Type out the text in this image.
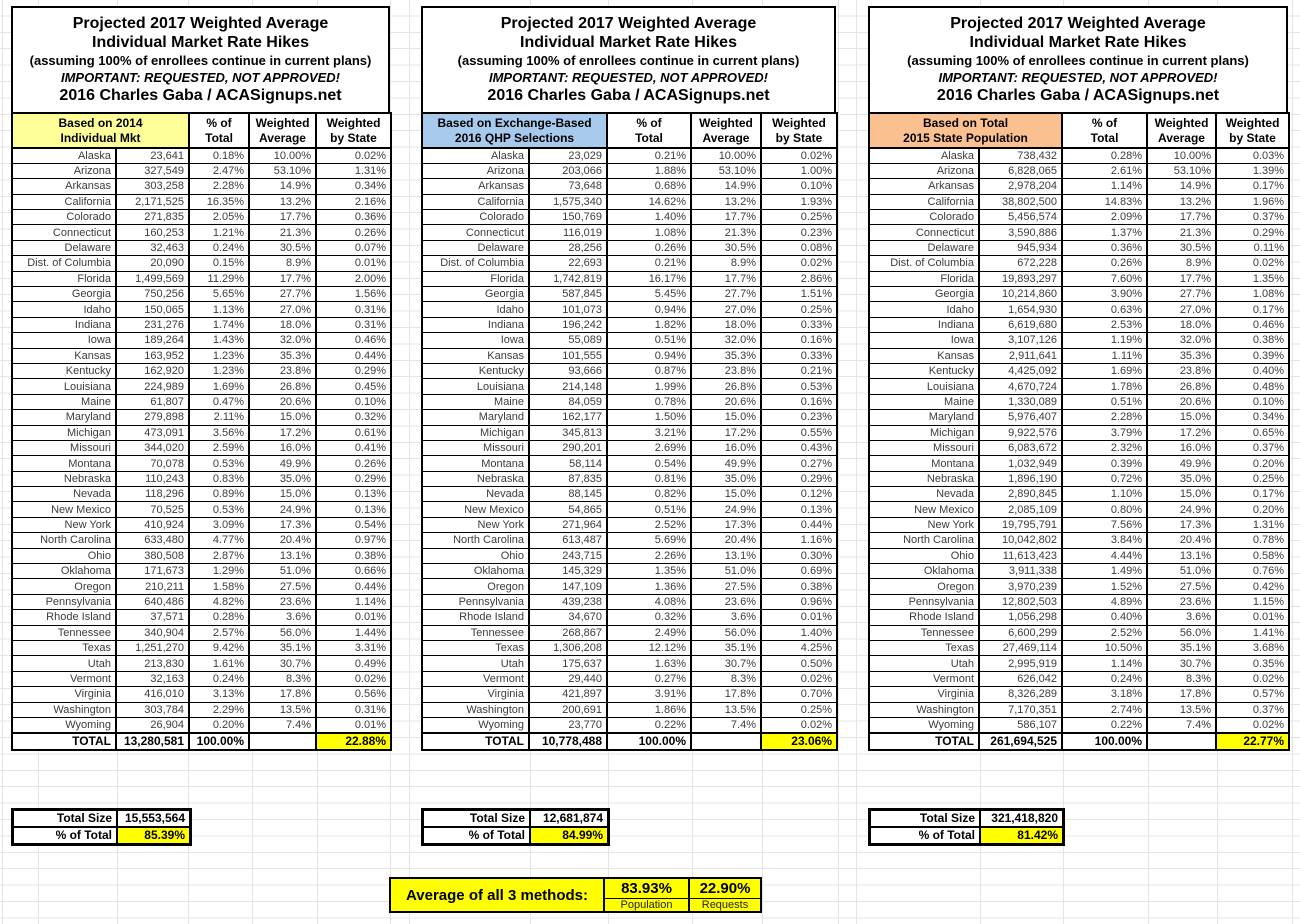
Projected 2017 Weighted Average
Individual Market Rate Hikes
(assuming 100% of enrollees continue in current plans)
IMPORTANT: REQUESTED, NOT APPROVED!
2016 Charles Gaba / ACASignups.net
Based on 2014
Individual Mkt

% of
Total

Weighted
Average

Weighted
by State

Alaska	23,641	0.18%	10.00%	0.02%
Arizona	327,549	2.47%	53.10%	1.31%
Arkansas	303,258	2.28%	14.9%	0.34%
California	2,171,525	16.35%	13.2%	2.16%
Colorado	271,835	2.05%	17.7%	0.36%
Connecticut	160,253	1.21%	21.3%	0.26%
Delaware	32,463	0.24%	30.5%	0.07%
Dist. of Columbia	20,090	0.15%	8.9%	0.01%
Florida	1,499,569	11.29%	17.7%	2.00%
Georgia	750,256	5.65%	27.7%	1.56%
Idaho	150,065	1.13%	27.0%	0.31%
Indiana	231,276	1.74%	18.0%	0.31%
Iowa	189,264	1.43%	32.0%	0.46%
Kansas	163,952	1.23%	35.3%	0.44%
Kentucky	162,920	1.23%	23.8%	0.29%
Louisiana	224,989	1.69%	26.8%	0.45%
Maine	61,807	0.47%	20.6%	0.10%
Maryland	279,898	2.11%	15.0%	0.32%
Michigan	473,091	3.56%	17.2%	0.61%
Missouri	344,020	2.59%	16.0%	0.41%
Montana	70,078	0.53%	49.9%	0.26%
Nebraska	110,243	0.83%	35.0%	0.29%
Nevada	118,296	0.89%	15.0%	0.13%
New Mexico	70,525	0.53%	24.9%	0.13%
New York	410,924	3.09%	17.3%	0.54%
North Carolina	633,480	4.77%	20.4%	0.97%
Ohio	380,508	2.87%	13.1%	0.38%
Oklahoma	171,673	1.29%	51.0%	0.66%
Oregon	210,211	1.58%	27.5%	0.44%
Pennsylvania	640,486	4.82%	23.6%	1.14%
Rhode Island	37,571	0.28%	3.6%	0.01%
Tennessee	340,904	2.57%	56.0%	1.44%
Texas	1,251,270	9.42%	35.1%	3.31%
Utah	213,830	1.61%	30.7%	0.49%
Vermont	32,163	0.24%	8.3%	0.02%
Virginia	416,010	3.13%	17.8%	0.56%
Washington	303,784	2.29%	13.5%	0.31%
Wyoming	26,904	0.20%	7.4%	0.01%
TOTAL	13,280,581	100.00%		22.88%
Total Size	15,553,564
% of Total	85.39%
Projected 2017 Weighted Average
Individual Market Rate Hikes
(assuming 100% of enrollees continue in current plans)
IMPORTANT: REQUESTED, NOT APPROVED!
2016 Charles Gaba / ACASignups.net
Based on Exchange-Based
2016 QHP Selections

% of
Total

Weighted
Average

Weighted
by State

Alaska	23,029	0.21%	10.00%	0.02%
Arizona	203,066	1.88%	53.10%	1.00%
Arkansas	73,648	0.68%	14.9%	0.10%
California	1,575,340	14.62%	13.2%	1.93%
Colorado	150,769	1.40%	17.7%	0.25%
Connecticut	116,019	1.08%	21.3%	0.23%
Delaware	28,256	0.26%	30.5%	0.08%
Dist. of Columbia	22,693	0.21%	8.9%	0.02%
Florida	1,742,819	16.17%	17.7%	2.86%
Georgia	587,845	5.45%	27.7%	1.51%
Idaho	101,073	0.94%	27.0%	0.25%
Indiana	196,242	1.82%	18.0%	0.33%
Iowa	55,089	0.51%	32.0%	0.16%
Kansas	101,555	0.94%	35.3%	0.33%
Kentucky	93,666	0.87%	23.8%	0.21%
Louisiana	214,148	1.99%	26.8%	0.53%
Maine	84,059	0.78%	20.6%	0.16%
Maryland	162,177	1.50%	15.0%	0.23%
Michigan	345,813	3.21%	17.2%	0.55%
Missouri	290,201	2.69%	16.0%	0.43%
Montana	58,114	0.54%	49.9%	0.27%
Nebraska	87,835	0.81%	35.0%	0.29%
Nevada	88,145	0.82%	15.0%	0.12%
New Mexico	54,865	0.51%	24.9%	0.13%
New York	271,964	2.52%	17.3%	0.44%
North Carolina	613,487	5.69%	20.4%	1.16%
Ohio	243,715	2.26%	13.1%	0.30%
Oklahoma	145,329	1.35%	51.0%	0.69%
Oregon	147,109	1.36%	27.5%	0.38%
Pennsylvania	439,238	4.08%	23.6%	0.96%
Rhode Island	34,670	0.32%	3.6%	0.01%
Tennessee	268,867	2.49%	56.0%	1.40%
Texas	1,306,208	12.12%	35.1%	4.25%
Utah	175,637	1.63%	30.7%	0.50%
Vermont	29,440	0.27%	8.3%	0.02%
Virginia	421,897	3.91%	17.8%	0.70%
Washington	200,691	1.86%	13.5%	0.25%
Wyoming	23,770	0.22%	7.4%	0.02%
TOTAL	10,778,488	100.00%		23.06%
Total Size	12,681,874
% of Total	84.99%
Projected 2017 Weighted Average
Individual Market Rate Hikes
(assuming 100% of enrollees continue in current plans)
IMPORTANT: REQUESTED, NOT APPROVED!
2016 Charles Gaba / ACASignups.net
Based on Total
2015 State Population

% of
Total

Weighted
Average

Weighted
by State

Alaska	738,432	0.28%	10.00%	0.03%
Arizona	6,828,065	2.61%	53.10%	1.39%
Arkansas	2,978,204	1.14%	14.9%	0.17%
California	38,802,500	14.83%	13.2%	1.96%
Colorado	5,456,574	2.09%	17.7%	0.37%
Connecticut	3,590,886	1.37%	21.3%	0.29%
Delaware	945,934	0.36%	30.5%	0.11%
Dist. of Columbia	672,228	0.26%	8.9%	0.02%
Florida	19,893,297	7.60%	17.7%	1.35%
Georgia	10,214,860	3.90%	27.7%	1.08%
Idaho	1,654,930	0.63%	27.0%	0.17%
Indiana	6,619,680	2.53%	18.0%	0.46%
Iowa	3,107,126	1.19%	32.0%	0.38%
Kansas	2,911,641	1.11%	35.3%	0.39%
Kentucky	4,425,092	1.69%	23.8%	0.40%
Louisiana	4,670,724	1.78%	26.8%	0.48%
Maine	1,330,089	0.51%	20.6%	0.10%
Maryland	5,976,407	2.28%	15.0%	0.34%
Michigan	9,922,576	3.79%	17.2%	0.65%
Missouri	6,083,672	2.32%	16.0%	0.37%
Montana	1,032,949	0.39%	49.9%	0.20%
Nebraska	1,896,190	0.72%	35.0%	0.25%
Nevada	2,890,845	1.10%	15.0%	0.17%
New Mexico	2,085,109	0.80%	24.9%	0.20%
New York	19,795,791	7.56%	17.3%	1.31%
North Carolina	10,042,802	3.84%	20.4%	0.78%
Ohio	11,613,423	4.44%	13.1%	0.58%
Oklahoma	3,911,338	1.49%	51.0%	0.76%
Oregon	3,970,239	1.52%	27.5%	0.42%
Pennsylvania	12,802,503	4.89%	23.6%	1.15%
Rhode Island	1,056,298	0.40%	3.6%	0.01%
Tennessee	6,600,299	2.52%	56.0%	1.41%
Texas	27,469,114	10.50%	35.1%	3.68%
Utah	2,995,919	1.14%	30.7%	0.35%
Vermont	626,042	0.24%	8.3%	0.02%
Virginia	8,326,289	3.18%	17.8%	0.57%
Washington	7,170,351	2.74%	13.5%	0.37%
Wyoming	586,107	0.22%	7.4%	0.02%
TOTAL	261,694,525	100.00%		22.77%
Total Size	321,418,820
% of Total	81.42%
Average of all 3 methods:	83.93%
Population
22.90%
Requests
